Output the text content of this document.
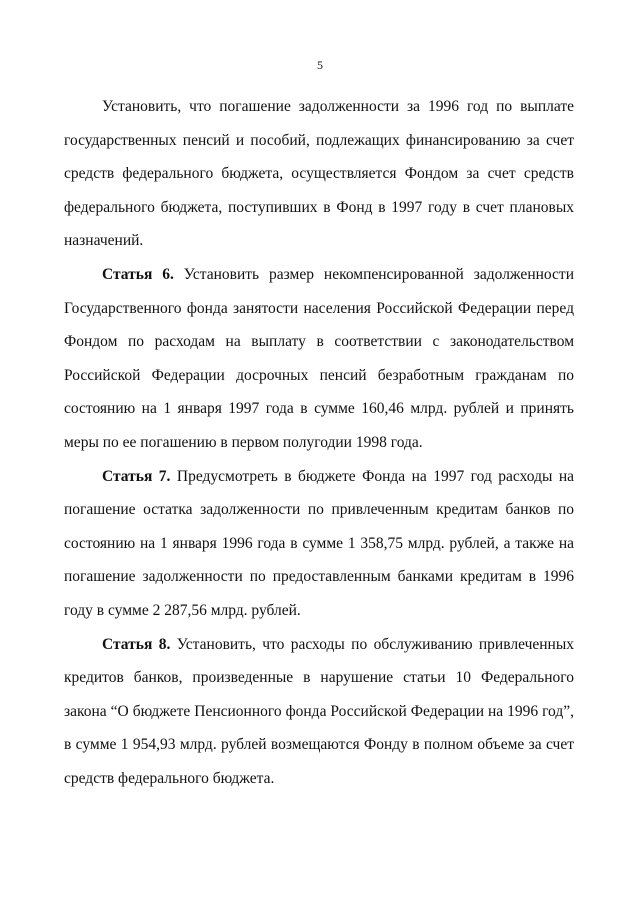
5

Установить, что погашение задолженности за 1996 год по выплате государственных пенсий и пособий, подлежащих финансированию за счет средств федерального бюджета, осуществляется Фондом за счет средств федерального бюджета, поступивших в Фонд в 1997 году в счет плановых назначений.

Статья 6. Установить размер некомпенсированной задолженности Государственного фонда занятости населения Российской Федерации перед Фондом по расходам на выплату в соответствии с законодательством Российской Федерации досрочных пенсий безработным гражданам по состоянию на 1 января 1997 года в сумме 160,46 млрд. рублей и принять меры по ее погашению в первом полугодии 1998 года.

Статья 7. Предусмотреть в бюджете Фонда на 1997 год расходы на погашение остатка задолженности по привлеченным кредитам банков по состоянию на 1 января 1996 года в сумме 1 358,75 млрд. рублей, а также на погашение задолженности по предоставленным банками кредитам в 1996 году в сумме 2 287,56 млрд. рублей.

Статья 8. Установить, что расходы по обслуживанию привлеченных кредитов банков, произведенные в нарушение статьи 10 Федерального закона “О бюджете Пенсионного фонда Российской Федерации на 1996 год”, в сумме 1 954,93 млрд. рублей возмещаются Фонду в полном объеме за счет средств федерального бюджета.
